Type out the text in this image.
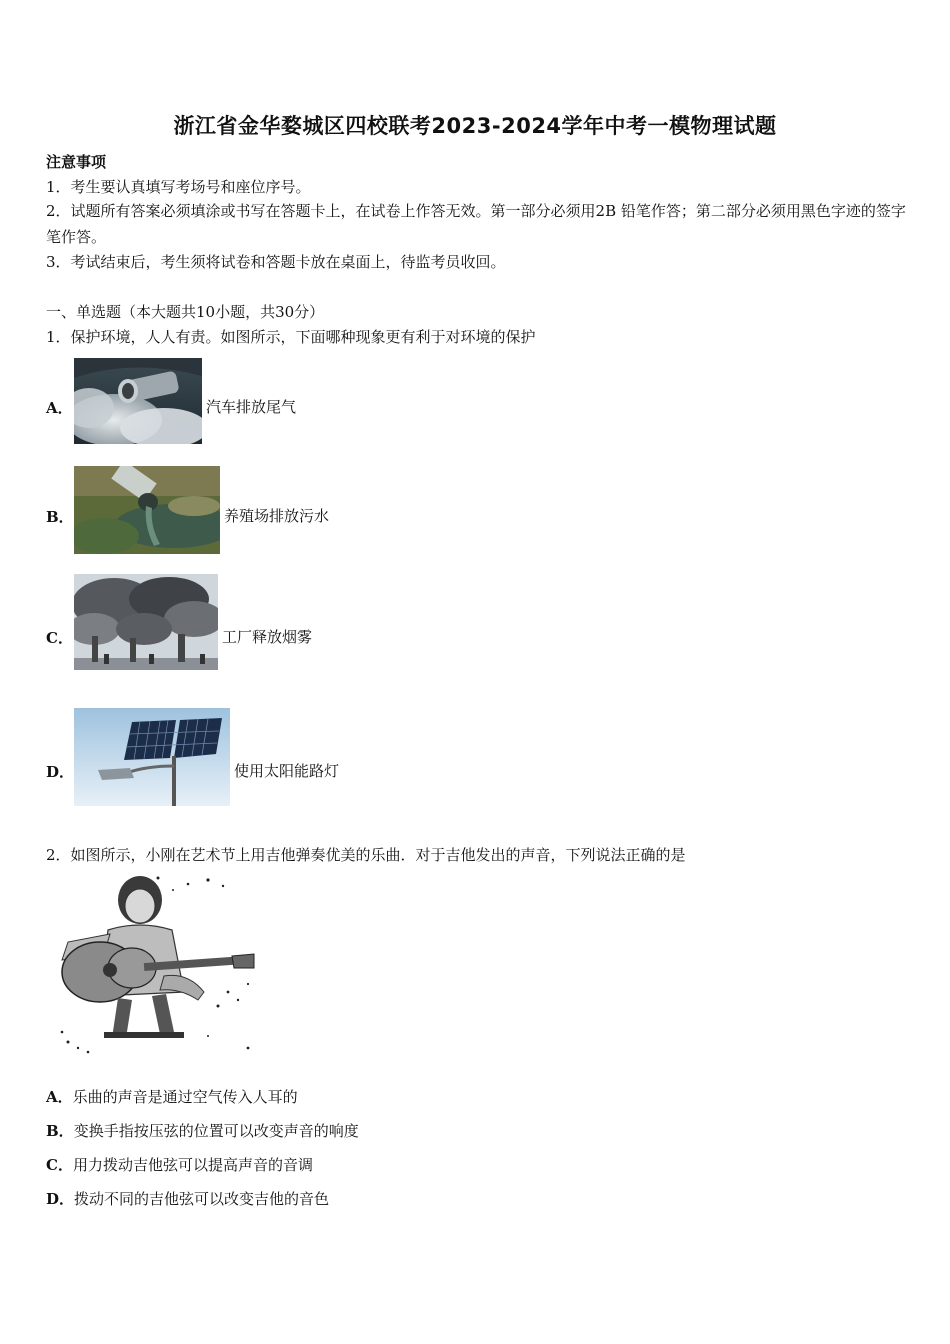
浙江省金华婺城区四校联考2023-2024学年中考一模物理试题
注意事项
1．考生要认真填写考场号和座位序号。
2．试题所有答案必须填涂或书写在答题卡上，在试卷上作答无效。第一部分必须用2B 铅笔作答；第二部分必须用黑色字迹的签字笔作答。
3．考试结束后，考生须将试卷和答题卡放在桌面上，待监考员收回。
一、单选题（本大题共10小题，共30分）
1．保护环境，人人有责。如图所示，下面哪种现象更有利于对环境的保护
A．	汽车排放尾气
B．	养殖场排放污水
C．	工厂释放烟雾
D．	使用太阳能路灯
2．如图所示，小刚在艺术节上用吉他弹奏优美的乐曲．对于吉他发出的声音，下列说法正确的是
A．乐曲的声音是通过空气传入人耳的
B．变换手指按压弦的位置可以改变声音的响度
C．用力拨动吉他弦可以提高声音的音调
D．拨动不同的吉他弦可以改变吉他的音色
